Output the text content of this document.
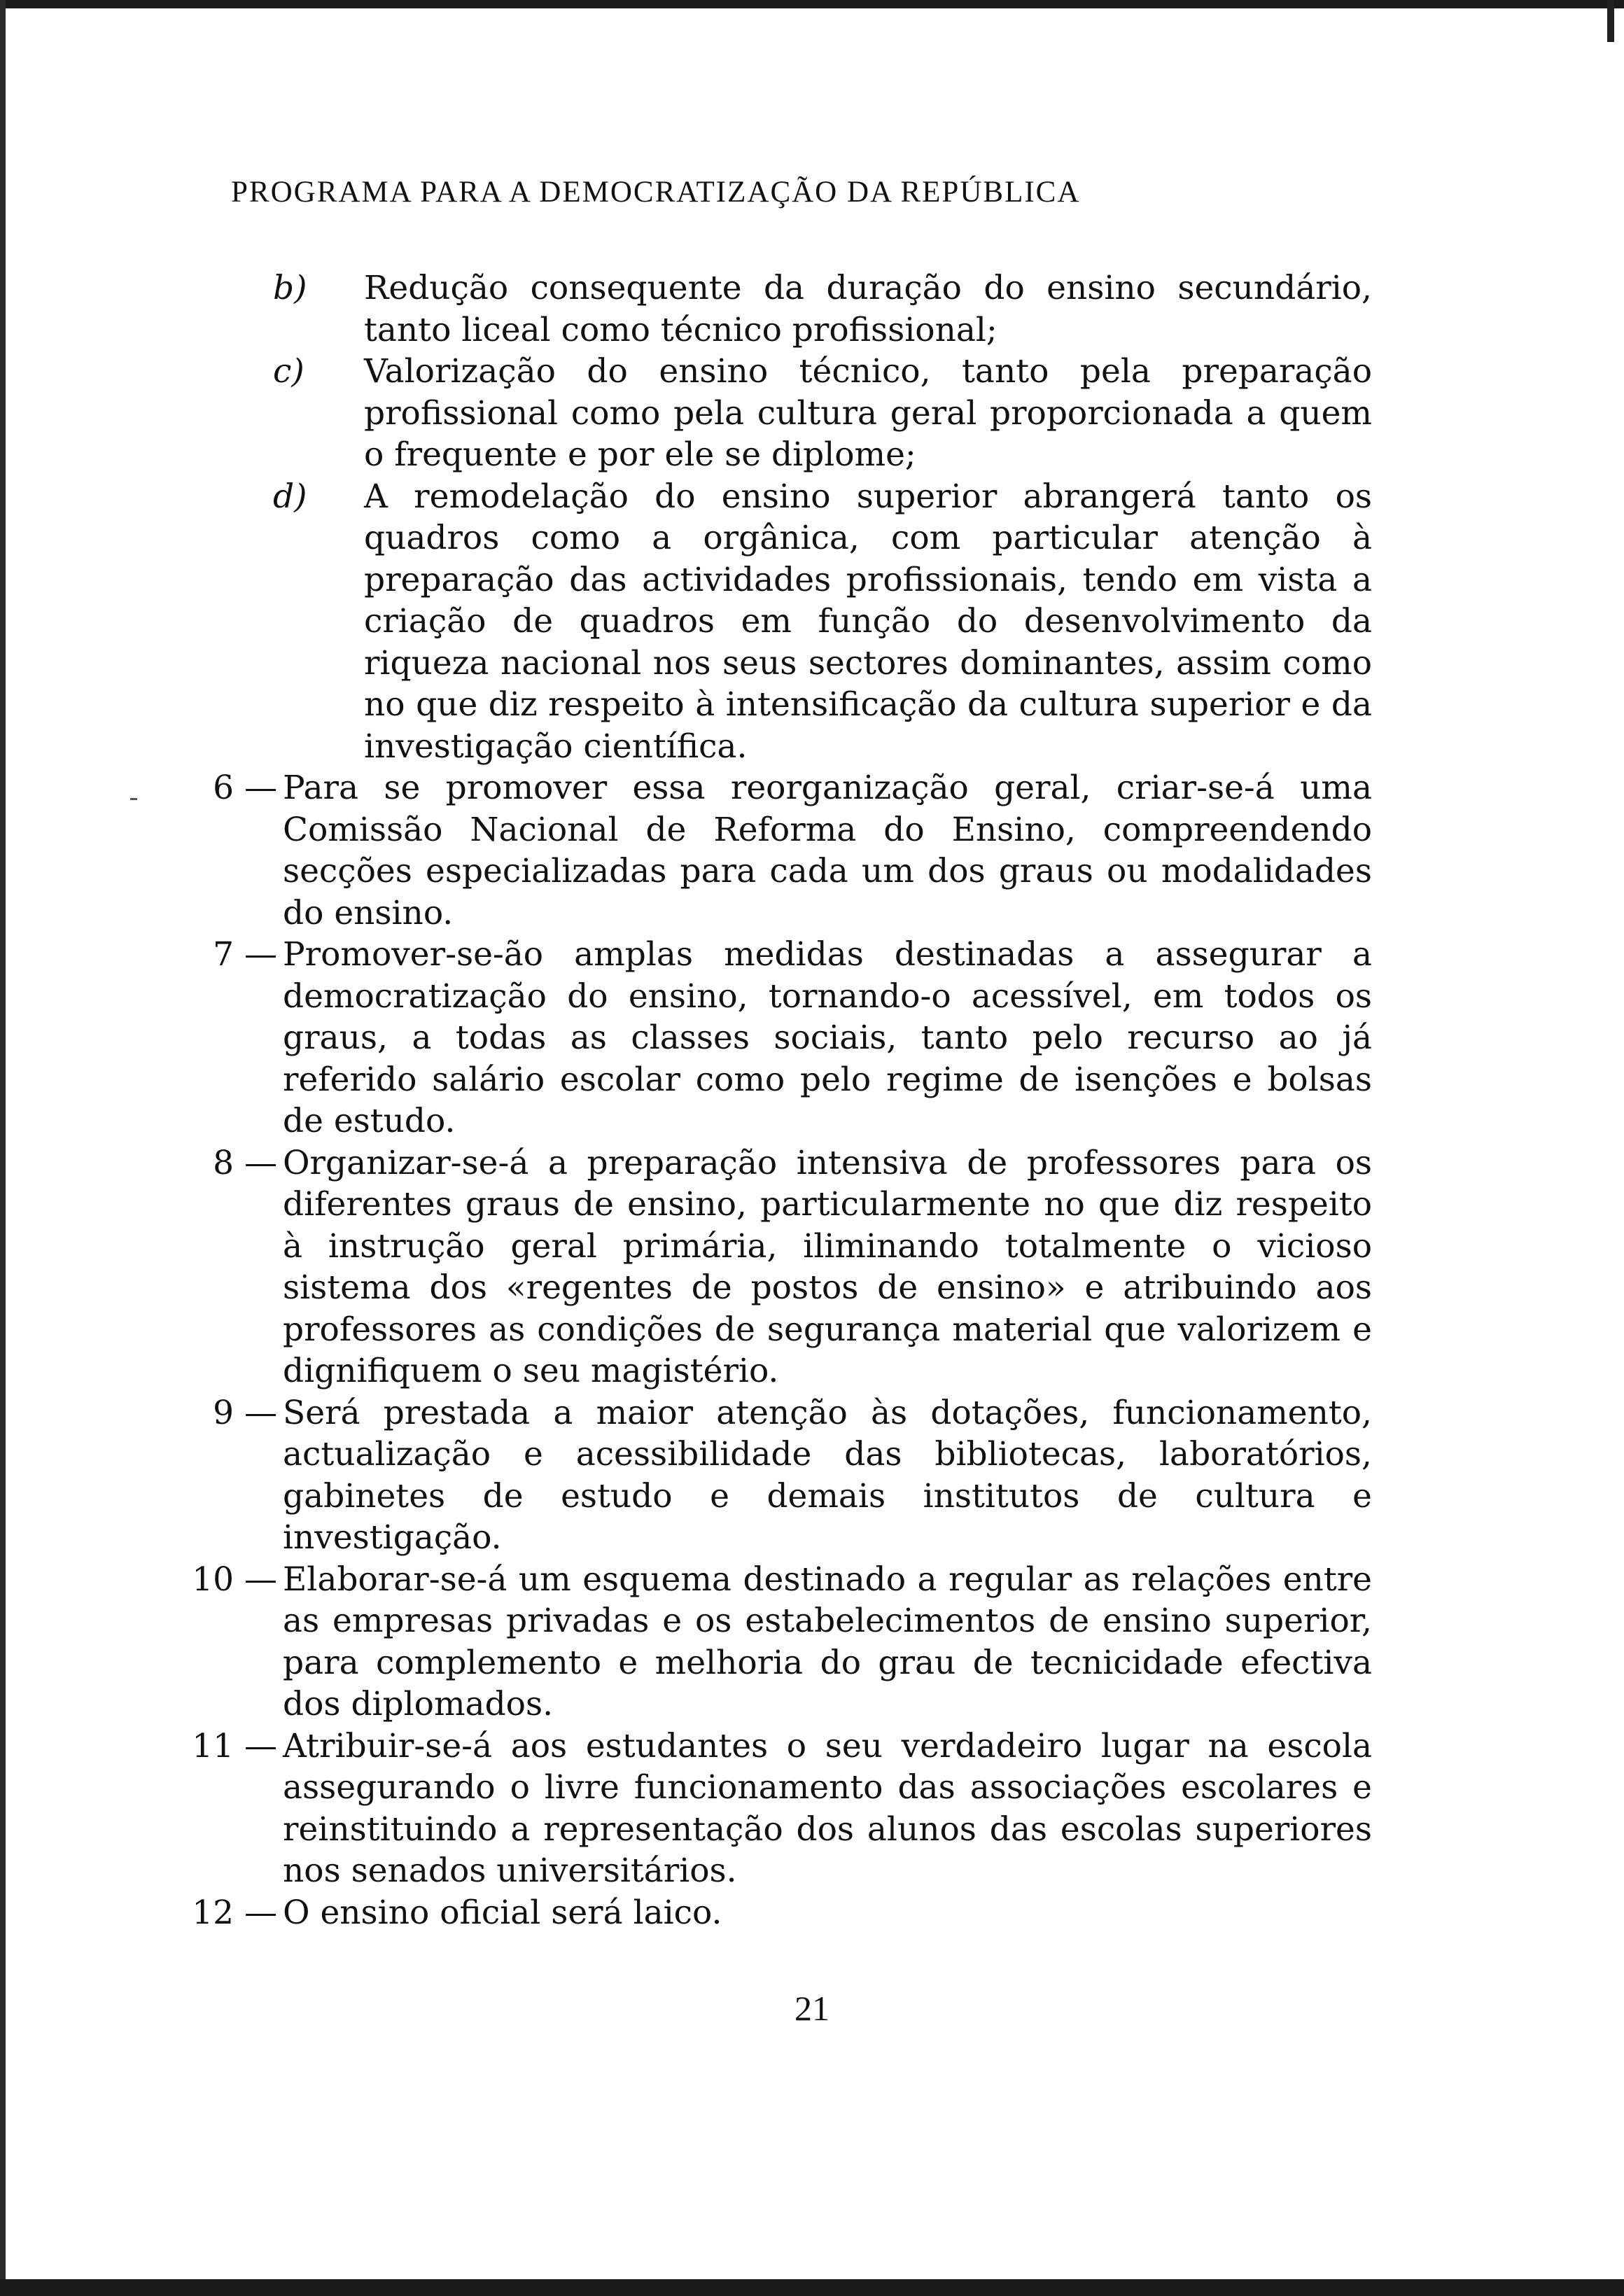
PROGRAMA PARA A DEMOCRATIZAÇÃO DA REPÚBLICA
b)	Redução consequente da duração do ensino secundário, tanto liceal como técnico profissional;
c)	Valorização do ensino técnico, tanto pela preparação profissional como pela cultura geral proporcionada a quem o frequente e por ele se diplome;
d)	A remodelação do ensino superior abrangerá tanto os quadros como a orgânica, com particular atenção à preparação das actividades profissionais, tendo em vista a criação de quadros em função do desenvolvimento da riqueza nacional nos seus sectores dominantes, assim como no que diz respeito à intensificação da cultura superior e da investigação científica.
6 — Para se promover essa reorganização geral, criar-se-á uma Comissão Nacional de Reforma do Ensino, compreendendo secções especializadas para cada um dos graus ou modalidades do ensino.
7 — Promover-se-ão amplas medidas destinadas a assegurar a democratização do ensino, tornando-o acessível, em todos os graus, a todas as classes sociais, tanto pelo recurso ao já referido salário escolar como pelo regime de isenções e bolsas de estudo.
8 — Organizar-se-á a preparação intensiva de professores para os diferentes graus de ensino, particularmente no que diz respeito à instrução geral primária, iliminando totalmente o vicioso sistema dos «regentes de postos de ensino» e atribuindo aos professores as condições de segurança material que valorizem e dignifiquem o seu magistério.
9 — Será prestada a maior atenção às dotações, funcionamento, actualização e acessibilidade das bibliotecas, laboratórios, gabinetes de estudo e demais institutos de cultura e investigação.
10 — Elaborar-se-á um esquema destinado a regular as relações entre as empresas privadas e os estabelecimentos de ensino superior, para complemento e melhoria do grau de tecnicidade efectiva dos diplomados.
11 — Atribuir-se-á aos estudantes o seu verdadeiro lugar na escola assegurando o livre funcionamento das associações escolares e reinstituindo a representação dos alunos das escolas superiores nos senados universitários.
12 — O ensino oficial será laico.
21
